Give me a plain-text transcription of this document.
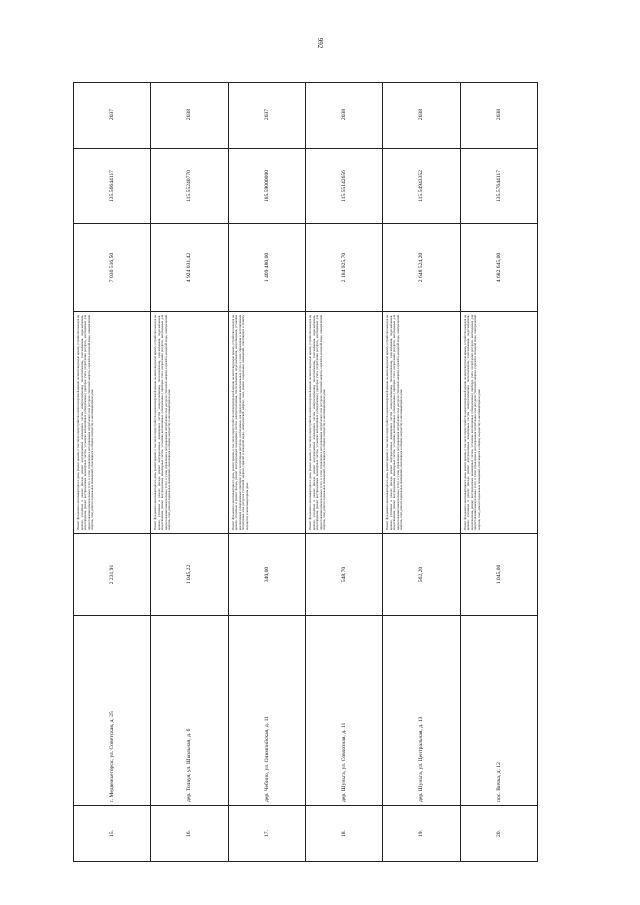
992
15.
г. Медвежьегорск, ул. Советская, д. 25
2 231,91
Ремонт фундамента многоквартирного дома, ремонт крыши, в том числе переустройство невентилируемой крыши на вентилируемую крышу, устройство выходов на кровлю, утепление и ремонт фасада, ремонт внутридомовых инженерных систем электроснабжения, теплоснабжения, газоснабжения, водоснабжения, водоотведения, ремонт внутридомовых инженерных систем, установка коллективных (общедомовых) приборов учета потребления ресурсов, необходимых для предоставления коммунальных услуг, и узлов управления и регулирования потребления этих ресурсов (тепловой энергии, горячей и холодной воды, электрической энергии, газа), ремонт подвальных помещений, относящихся к общему имуществу в многоквартирном доме
7 030 516,50
135.56644117
2037
16.
дер. Толвуя, ул. Школьная, д. 6
1 045,22
Ремонт фундамента многоквартирного дома, ремонт крыши, в том числе переустройство невентилируемой крыши на вентилируемую крышу, устройство выходов на кровлю, утепление и ремонт фасада, ремонт внутридомовых инженерных систем электроснабжения, теплоснабжения, газоснабжения, водоснабжения, водоотведения, ремонт внутридомовых инженерных систем, установка коллективных (общедомовых) приборов учета потребления ресурсов, необходимых для предоставления коммунальных услуг, и узлов управления и регулирования потребления этих ресурсов (тепловой энергии, горячей и холодной воды, электрической энергии, газа), ремонт подвальных помещений, относящихся к общему имуществу в многоквартирном доме
4 924 031,42
115.55240770
2038
17.
дер. Чебино, ул. Олимпийская, д. 11
340,00
Ремонт фундамента многоквартирного дома, ремонт крыши, в том числе переустройство невентилируемой крыши на вентилируемую крышу, устройство выходов на кровлю, утепление и ремонт фасада, ремонт внутридомовых инженерных систем электроснабжения, теплоснабжения, водоснабжения, водоотведения, установка коллективных (общедомовых) приборов учета потребления ресурсов, необходимых для предоставления коммунальных услуг, и узлов управления и регулирования потребления этих ресурсов (тепловой энергии, горячей и холодной воды, электрической энергии, газа), ремонт подвальных помещений, относящихся к общему имуществу в многоквартирном доме
1 409 480,00
185.59000000
2037
18.
дер. Шуньга, ул. Совхозная, д. 11
548,70
Ремонт фундамента многоквартирного дома, ремонт крыши, в том числе переустройство невентилируемой крыши на вентилируемую крышу, устройство выходов на кровлю, утепление и ремонт фасада, ремонт внутридомовых инженерных систем электроснабжения, теплоснабжения, газоснабжения, водоснабжения, водоотведения, ремонт внутридомовых инженерных систем, установка коллективных (общедомовых) приборов учета потребления ресурсов, необходимых для предоставления коммунальных услуг, и узлов управления и регулирования потребления этих ресурсов (тепловой энергии, горячей и холодной воды, электрической энергии, газа), ремонт подвальных помещений, относящихся к общему имуществу в многоквартирном доме
2 184 925,70
115.55142656
2038
19.
дер. Шуньга, ул. Центральная, д. 13
562,20
Ремонт фундамента многоквартирного дома, ремонт крыши, в том числе переустройство невентилируемой крыши на вентилируемую крышу, устройство выходов на кровлю, утепление и ремонт фасада, ремонт внутридомовых инженерных систем электроснабжения, теплоснабжения, газоснабжения, водоснабжения, водоотведения, ремонт внутридомовых инженерных систем, установка коллективных (общедомовых) приборов учета потребления ресурсов, необходимых для предоставления коммунальных услуг, и узлов управления и регулирования потребления этих ресурсов (тепловой энергии, горячей и холодной воды, электрической энергии, газа), ремонт подвальных помещений, относящихся к общему имуществу в многоквартирном доме
2 648 524,20
115.54943352
2038
20.
пос. Вичка, д. 12
1 045,00
Ремонт фундамента многоквартирного дома, ремонт крыши, в том числе переустройство невентилируемой крыши на вентилируемую крышу, устройство выходов на кровлю, утепление и ремонт фасада, ремонт внутридомовых инженерных систем электроснабжения, теплоснабжения, газоснабжения, водоснабжения, водоотведения, ремонт внутридомовых инженерных систем, установка коллективных (общедомовых) приборов учета потребления ресурсов, необходимых для предоставления коммунальных услуг, и узлов управления и регулирования потребления этих ресурсов (тепловой энергии, горячей и холодной воды, электрической энергии, газа), ремонт подвальных помещений, относящихся к общему имуществу в многоквартирном доме
4 682 645,00
135.57644117
2038
